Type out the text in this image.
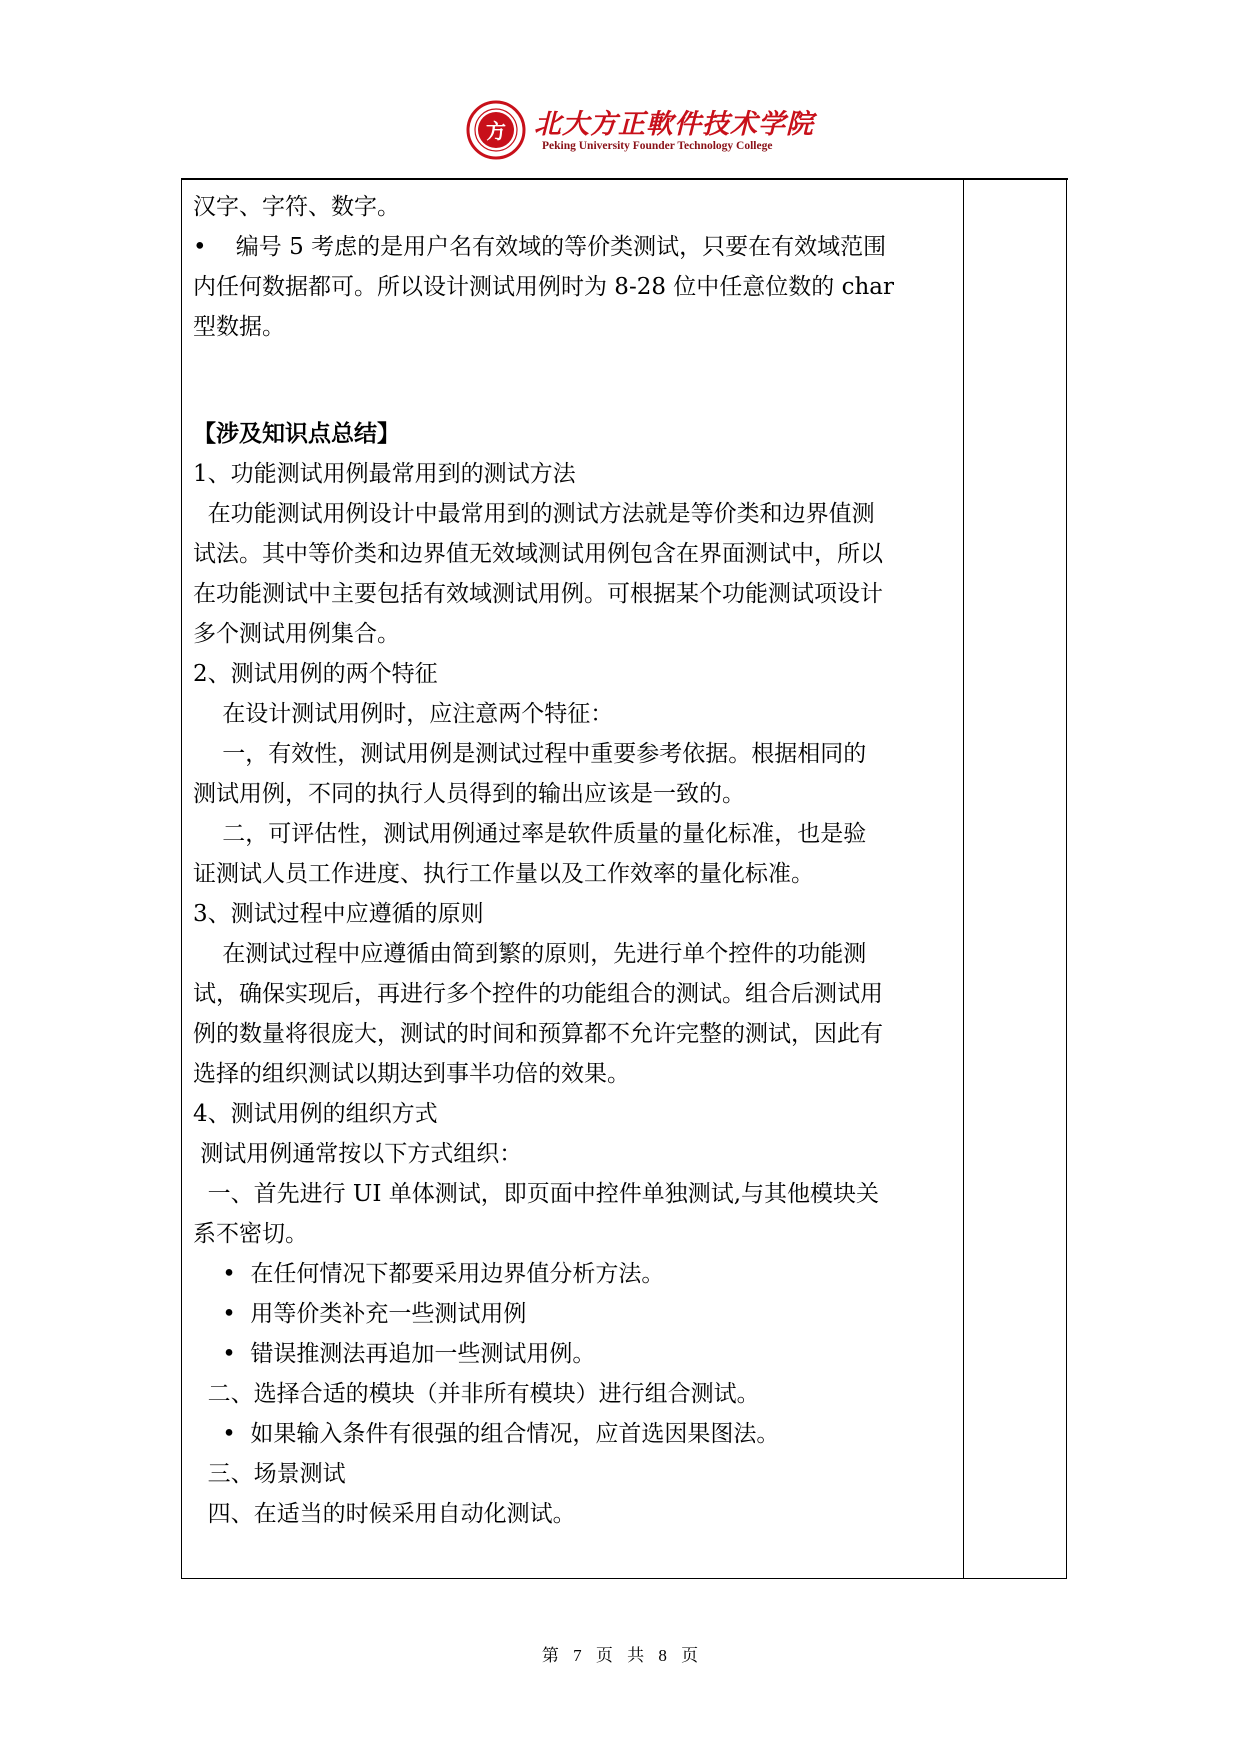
方 北大方正軟件技术学院
Peking University Founder Technology College
汉字、字符、数字。
•    编号 5 考虑的是用户名有效域的等价类测试，只要在有效域范围
内任何数据都可。所以设计测试用例时为 8-28 位中任意位数的 char
型数据。
【涉及知识点总结】
1、功能测试用例最常用到的测试方法
在功能测试用例设计中最常用到的测试方法就是等价类和边界值测
试法。其中等价类和边界值无效域测试用例包含在界面测试中，所以
在功能测试中主要包括有效域测试用例。可根据某个功能测试项设计
多个测试用例集合。
2、测试用例的两个特征
在设计测试用例时，应注意两个特征：
一，有效性，测试用例是测试过程中重要参考依据。根据相同的
测试用例，不同的执行人员得到的输出应该是一致的。
二，可评估性，测试用例通过率是软件质量的量化标准，也是验
证测试人员工作进度、执行工作量以及工作效率的量化标准。
3、测试过程中应遵循的原则
在测试过程中应遵循由简到繁的原则，先进行单个控件的功能测
试，确保实现后，再进行多个控件的功能组合的测试。组合后测试用
例的数量将很庞大，测试的时间和预算都不允许完整的测试，因此有
选择的组织测试以期达到事半功倍的效果。
4、测试用例的组织方式
测试用例通常按以下方式组织：
一、首先进行 UI 单体测试，即页面中控件单独测试,与其他模块关
系不密切。
•  在任何情况下都要采用边界值分析方法。
•  用等价类补充一些测试用例
•  错误推测法再追加一些测试用例。
二、选择合适的模块（并非所有模块）进行组合测试。
•  如果输入条件有很强的组合情况，应首选因果图法。
三、场景测试
四、在适当的时候采用自动化测试。
第 7 页 共 8 页
